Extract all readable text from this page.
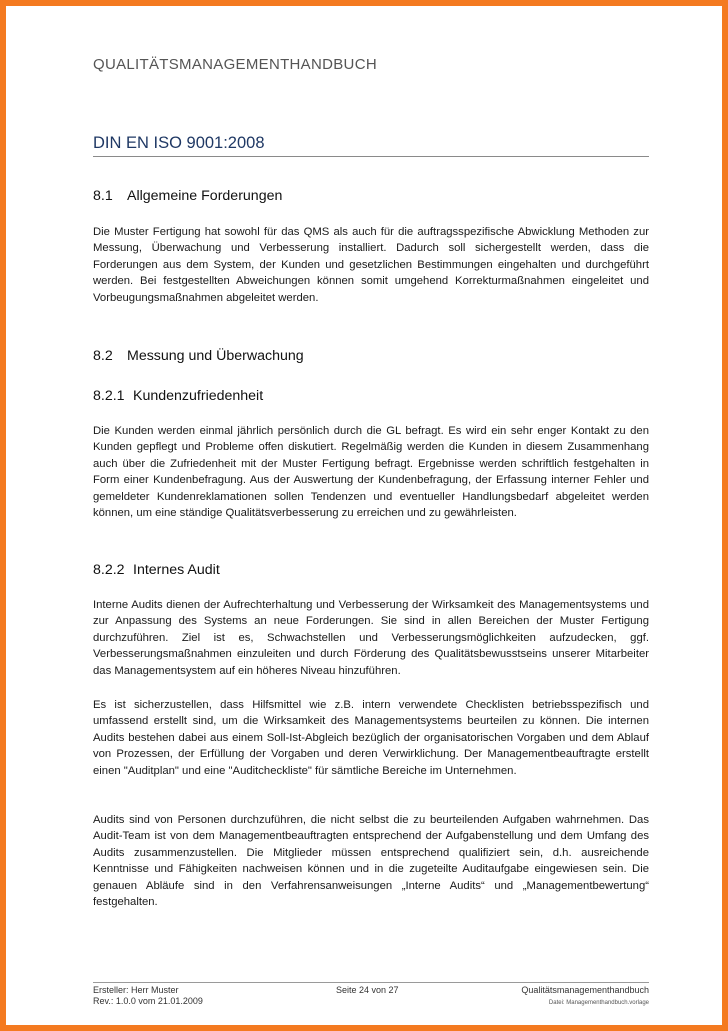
QUALITÄTSMANAGEMENTHANDBUCH
DIN EN ISO 9001:2008
8.1 Allgemeine Forderungen

Die Muster Fertigung hat sowohl für das QMS als auch für die auftragsspezifische Abwicklung Methoden zur Messung, Überwachung und Verbesserung installiert. Dadurch soll sichergestellt werden, dass die Forderungen aus dem System, der Kunden und gesetzlichen Bestimmungen eingehalten und durchgeführt werden. Bei festgestellten Abweichungen können somit umgehend Korrekturmaßnahmen eingeleitet und Vorbeugungsmaßnahmen abgeleitet werden.

8.2 Messung und Überwachung
8.2.1 Kundenzufriedenheit

Die Kunden werden einmal jährlich persönlich durch die GL befragt. Es wird ein sehr enger Kontakt zu den Kunden gepflegt und Probleme offen diskutiert. Regelmäßig werden die Kunden in diesem Zusammenhang auch über die Zufriedenheit mit der Muster Fertigung befragt. Ergebnisse werden schriftlich festgehalten in Form einer Kundenbefragung. Aus der Auswertung der Kundenbefragung, der Erfassung interner Fehler und gemeldeter Kundenreklamationen sollen Tendenzen und eventueller Handlungsbedarf abgeleitet werden können, um eine ständige Qualitätsverbesserung zu erreichen und zu gewährleisten.

8.2.2 Internes Audit

Interne Audits dienen der Aufrechterhaltung und Verbesserung der Wirksamkeit des Managementsystems und zur Anpassung des Systems an neue Forderungen. Sie sind in allen Bereichen der Muster Fertigung durchzuführen. Ziel ist es, Schwachstellen und Verbesserungsmöglichkeiten aufzudecken, ggf. Verbesserungsmaßnahmen einzuleiten und durch Förderung des Qualitätsbewusstseins unserer Mitarbeiter das Managementsystem auf ein höheres Niveau hinzuführen.

Es ist sicherzustellen, dass Hilfsmittel wie z.B. intern verwendete Checklisten betriebsspezifisch und umfassend erstellt sind, um die Wirksamkeit des Managementsystems beurteilen zu können. Die internen Audits bestehen dabei aus einem Soll-Ist-Abgleich bezüglich der organisatorischen Vorgaben und dem Ablauf von Prozessen, der Erfüllung der Vorgaben und deren Verwirklichung. Der Managementbeauftragte erstellt einen "Auditplan" und eine "Auditcheckliste" für sämtliche Bereiche im Unternehmen.

Audits sind von Personen durchzuführen, die nicht selbst die zu beurteilenden Aufgaben wahrnehmen. Das Audit-Team ist von dem Managementbeauftragten entsprechend der Aufgabenstellung und dem Umfang des Audits zusammenzustellen. Die Mitglieder müssen entsprechend qualifiziert sein, d.h. ausreichende Kenntnisse und Fähigkeiten nachweisen können und in die zugeteilte Auditaufgabe eingewiesen sein. Die genauen Abläufe sind in den Verfahrensanweisungen „Interne Audits“ und „Managementbewertung“ festgehalten.

Ersteller: Herr Muster
Rev.: 1.0.0 vom 21.01.2009
Seite 24 von 27	Qualitätsmanagementhandbuch
Datei: Managementhandbuch.vorlage
